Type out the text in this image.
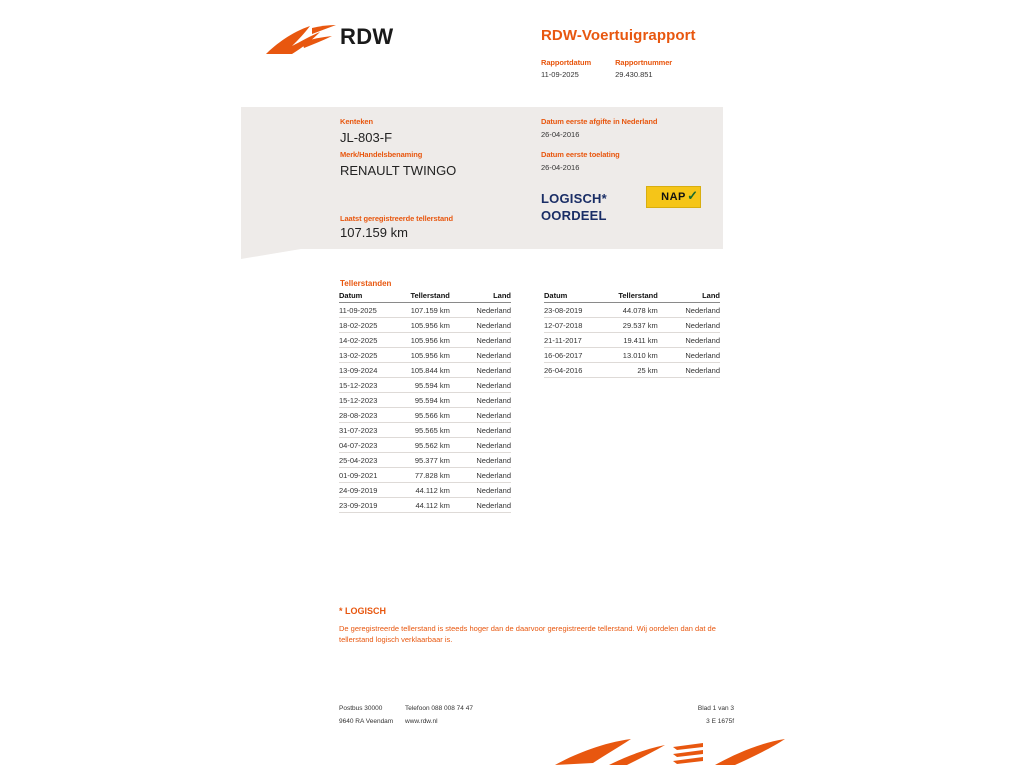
RDW	RDW-Voertuigrapport
Rapportdatum
11-09-2025
Rapportnummer
29.430.851
Kenteken
JL-803-F
Merk/Handelsbenaming
RENAULT TWINGO
Laatst geregistreerde tellerstand
107.159 km
Datum eerste afgifte in Nederland
26-04-2016
Datum eerste toelating
26-04-2016
LOGISCH*
OORDEEL
NAP ✓
Tellerstanden
Datum	Tellerstand	Land
11-09-2025	107.159 km	Nederland
18-02-2025	105.956 km	Nederland
14-02-2025	105.956 km	Nederland
13-02-2025	105.956 km	Nederland
13-09-2024	105.844 km	Nederland
15-12-2023	95.594 km	Nederland
15-12-2023	95.594 km	Nederland
28-08-2023	95.566 km	Nederland
31-07-2023	95.565 km	Nederland
04-07-2023	95.562 km	Nederland
25-04-2023	95.377 km	Nederland
01-09-2021	77.828 km	Nederland
24-09-2019	44.112 km	Nederland
23-09-2019	44.112 km	Nederland
Datum	Tellerstand	Land
23-08-2019	44.078 km	Nederland
12-07-2018	29.537 km	Nederland
21-11-2017	19.411 km	Nederland
16-06-2017	13.010 km	Nederland
26-04-2016	25 km	Nederland
* LOGISCH
De geregistreerde tellerstand is steeds hoger dan de daarvoor geregistreerde tellerstand. Wij oordelen dan dat de tellerstand logisch verklaarbaar is.
Postbus 30000
9640 RA Veendam
Telefoon 088 008 74 47
www.rdw.nl
Blad 1 van 3
3 E 1675f
